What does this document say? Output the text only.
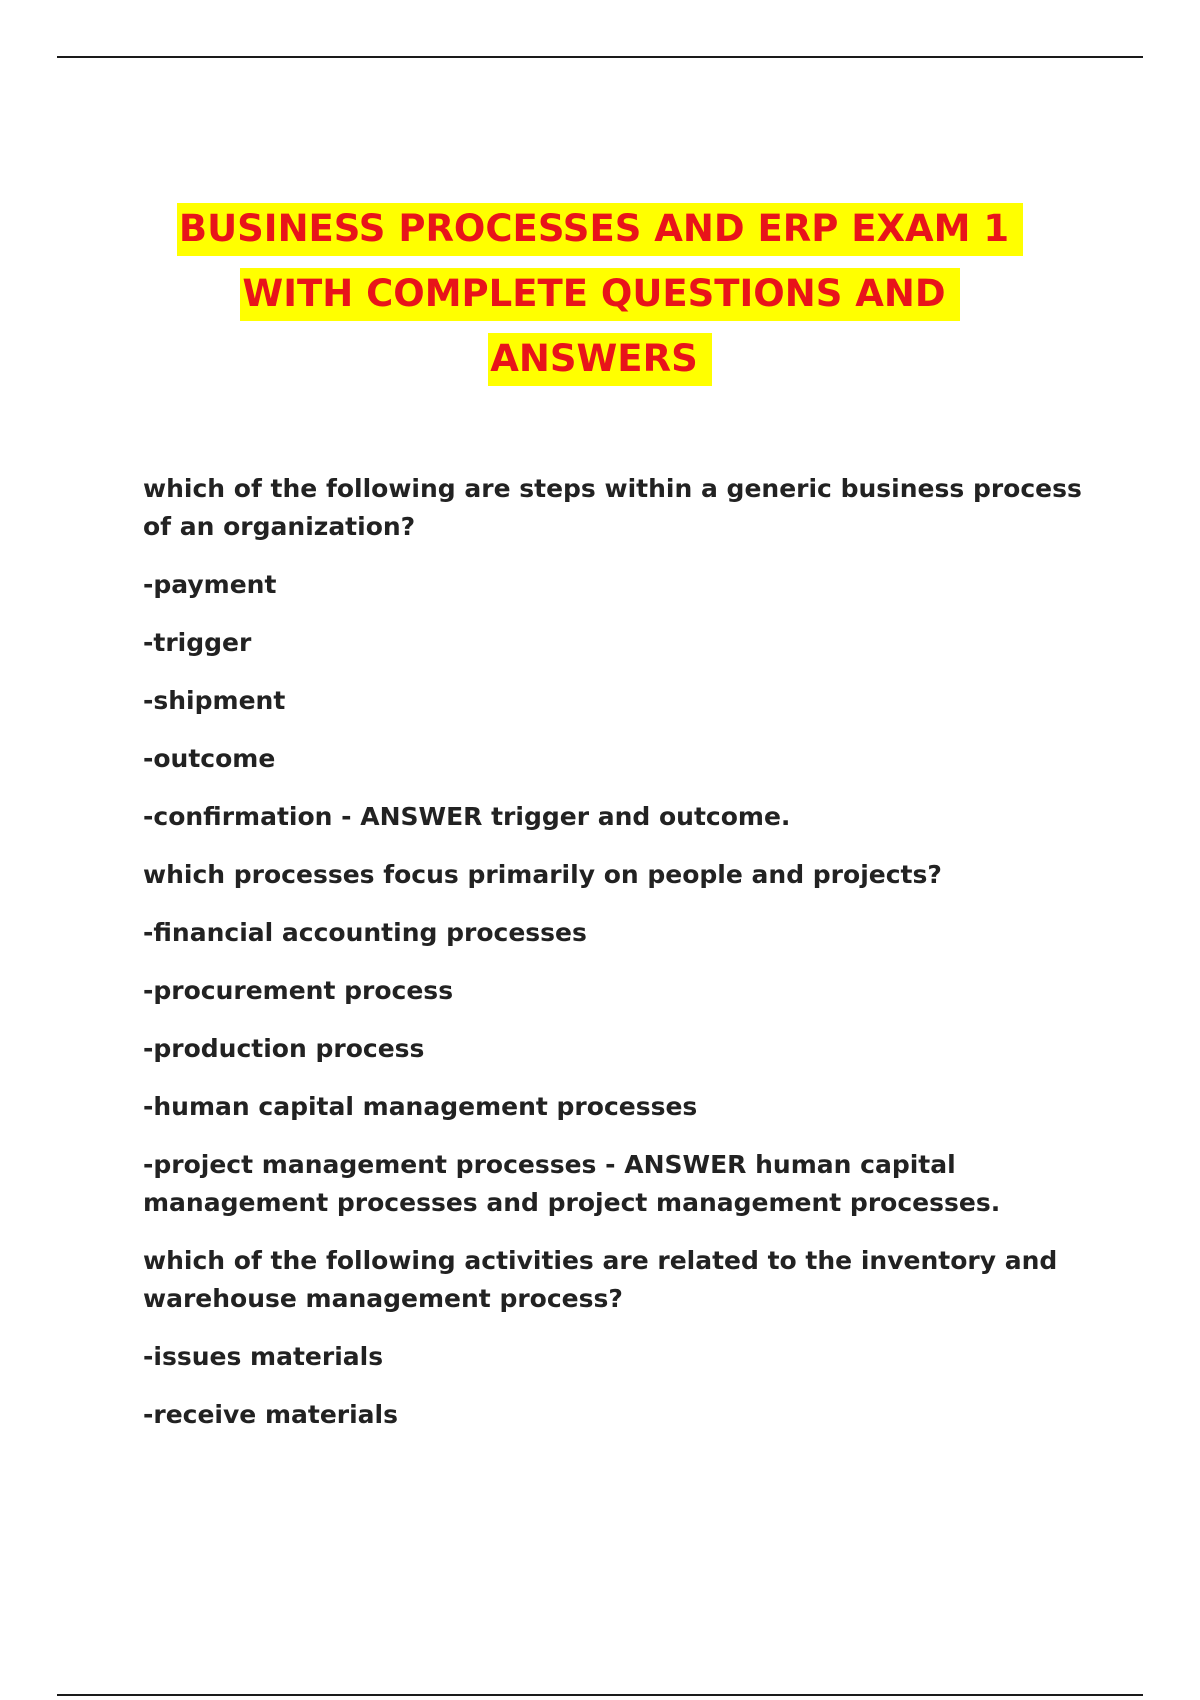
BUSINESS PROCESSES AND ERP EXAM 1
WITH COMPLETE QUESTIONS AND
ANSWERS

which of the following are steps within a generic business process of an organization?

-payment

-trigger

-shipment

-outcome

-confirmation - ANSWER trigger and outcome.

which processes focus primarily on people and projects?

-financial accounting processes

-procurement process

-production process

-human capital management processes

-project management processes - ANSWER human capital management processes and project management processes.

which of the following activities are related to the inventory and warehouse management process?

-issues materials

-receive materials
